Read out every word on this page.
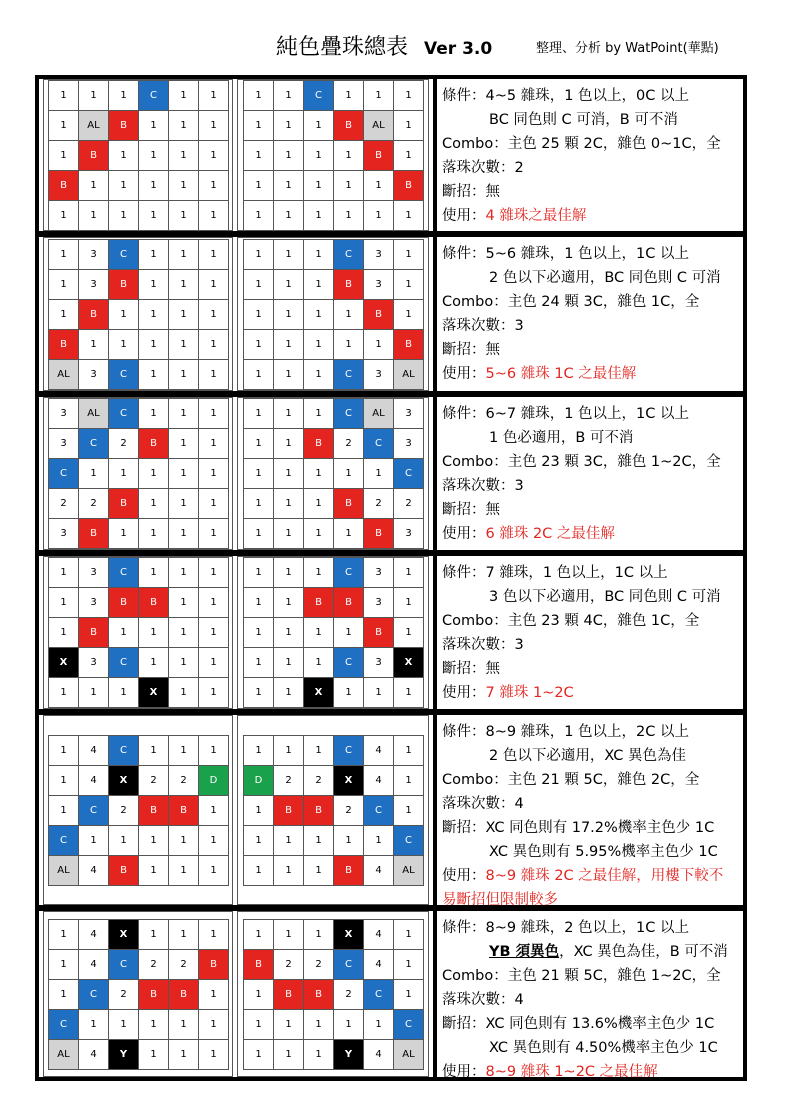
純色疊珠總表 Ver 3.0	整理、分析 by WatPoint(華點)
1	1	1	C	1	1
1	AL	B	1	1	1
1	B	1	1	1	1
B	1	1	1	1	1
1	1	1	1	1	1
1	1	C	1	1	1
1	1	1	B	AL	1
1	1	1	1	B	1
1	1	1	1	1	B
1	1	1	1	1	1
條件：4~5 雜珠，1 色以上，0C 以上
BC 同色則 C 可消，B 可不消
Combo：主色 25 顆 2C，雜色 0~1C，全
落珠次數：2
斷招：無
使用：4 雜珠之最佳解
1	3	C	1	1	1
1	3	B	1	1	1
1	B	1	1	1	1
B	1	1	1	1	1
AL	3	C	1	1	1
1	1	1	C	3	1
1	1	1	B	3	1
1	1	1	1	B	1
1	1	1	1	1	B
1	1	1	C	3	AL
條件：5~6 雜珠，1 色以上，1C 以上
2 色以下必適用，BC 同色則 C 可消
Combo：主色 24 顆 3C，雜色 1C，全
落珠次數：3
斷招：無
使用：5~6 雜珠 1C 之最佳解
3	AL	C	1	1	1
3	C	2	B	1	1
C	1	1	1	1	1
2	2	B	1	1	1
3	B	1	1	1	1
1	1	1	C	AL	3
1	1	B	2	C	3
1	1	1	1	1	C
1	1	1	B	2	2
1	1	1	1	B	3
條件：6~7 雜珠，1 色以上，1C 以上
1 色必適用，B 可不消
Combo：主色 23 顆 3C，雜色 1~2C，全
落珠次數：3
斷招：無
使用：6 雜珠 2C 之最佳解
1	3	C	1	1	1
1	3	B	B	1	1
1	B	1	1	1	1
X	3	C	1	1	1
1	1	1	X	1	1
1	1	1	C	3	1
1	1	B	B	3	1
1	1	1	1	B	1
1	1	1	C	3	X
1	1	X	1	1	1
條件：7 雜珠，1 色以上，1C 以上
3 色以下必適用，BC 同色則 C 可消
Combo：主色 23 顆 4C，雜色 1C，全
落珠次數：3
斷招：無
使用：7 雜珠 1~2C
1	4	C	1	1	1
1	4	X	2	2	D
1	C	2	B	B	1
C	1	1	1	1	1
AL	4	B	1	1	1
1	1	1	C	4	1
D	2	2	X	4	1
1	B	B	2	C	1
1	1	1	1	1	C
1	1	1	B	4	AL
條件：8~9 雜珠，1 色以上，2C 以上
2 色以下必適用，XC 異色為佳
Combo：主色 21 顆 5C，雜色 2C，全
落珠次數：4
斷招：XC 同色則有 17.2%機率主色少 1C
XC 異色則有 5.95%機率主色少 1C
使用：8~9 雜珠 2C 之最佳解，用樓下較不
易斷招但限制較多
1	4	X	1	1	1
1	4	C	2	2	B
1	C	2	B	B	1
C	1	1	1	1	1
AL	4	Y	1	1	1
1	1	1	X	4	1
B	2	2	C	4	1
1	B	B	2	C	1
1	1	1	1	1	C
1	1	1	Y	4	AL
條件：8~9 雜珠，2 色以上，1C 以上
YB 須異色，XC 異色為佳，B 可不消
Combo：主色 21 顆 5C，雜色 1~2C，全
落珠次數：4
斷招：XC 同色則有 13.6%機率主色少 1C
XC 異色則有 4.50%機率主色少 1C
使用：8~9 雜珠 1~2C 之最佳解
